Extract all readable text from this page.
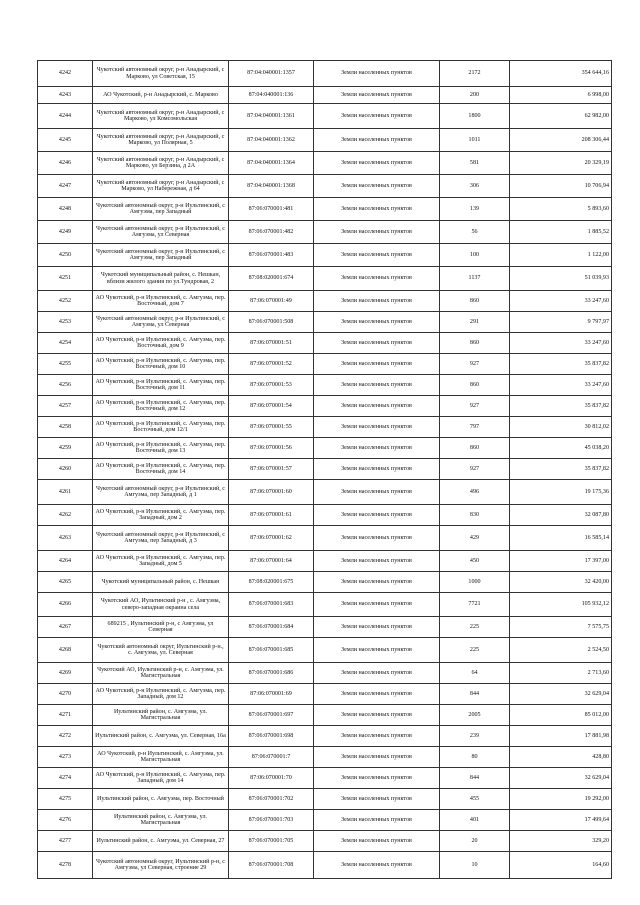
4242	Чукотский автономный округ, р-н Анадырский, с Марково, ул Советская, 15	87:04:040001:1357	Земли населенных пунктов	2172	354 644,16
4243	АО Чукотский, р-н Анадырский, с. Марково	87:04:040001:136	Земли населенных пунктов	200	6 998,00
4244	Чукотский автономный округ, р-н Анадырский, с Марково, ул Комсомольская	87:04:040001:1361	Земли населенных пунктов	1800	62 982,00
4245	Чукотский автономный округ, р-н Анадырский, с Марково, ул Полярная, 5	87:04:040001:1362	Земли населенных пунктов	1011	208 306,44
4246	Чукотский автономный округ, р-н Анадырский, с Марково, ул Берзина, д 2А	87:04:040001:1364	Земли населенных пунктов	581	20 329,19
4247	Чукотский автономный округ, р-н Анадырский, с Марково, ул Набережная, д 64	87:04:040001:1368	Земли населенных пунктов	306	10 706,94
4248	Чукотский автономный округ, р-н Иультинский, с Амгуэма, пер Западный	87:06:070001:481	Земли населенных пунктов	139	5 893,60
4249	Чукотский автономный округ, р-н Иультинский, с Амгуэма, ул Северная	87:06:070001:482	Земли населенных пунктов	56	1 885,52
4250	Чукотский автономный округ, р-н Иультинский, с Амгуэма, пер Западный	87:06:070001:483	Земли населенных пунктов	100	1 122,00
4251	Чукотский муниципальный район, с. Нешкан, вблизи жилого здания по ул.Тундровая, 2	87:08:020001:674	Земли населенных пунктов	1137	51 039,93
4252	АО Чукотский, р-н Иультинский, с. Амгуэма, пер. Восточный, дом 7	87:06:070001:49	Земли населенных пунктов	860	33 247,60
4253	Чукотский автономный округ, р-н Иультинский, с Амгуэма, ул Северная	87:06:070001:508	Земли населенных пунктов	291	9 797,97
4254	АО Чукотский, р-н Иультинский, с. Амгуэма, пер. Восточный, дом 9	87:06:070001:51	Земли населенных пунктов	860	33 247,60
4255	АО Чукотский, р-н Иультинский, с. Амгуэма, пер. Восточный, дом 10	87:06:070001:52	Земли населенных пунктов	927	35 837,82
4256	АО Чукотский, р-н Иультинский, с. Амгуэма, пер. Восточный, дом 11	87:06:070001:53	Земли населенных пунктов	860	33 247,60
4257	АО Чукотский, р-н Иультинский, с. Амгуэма, пер. Восточный, дом 12	87:06:070001:54	Земли населенных пунктов	927	35 837,82
4258	АО Чукотский, р-н Иультинский, с. Амгуэма, пер. Восточный, дом 12/1	87:06:070001:55	Земли населенных пунктов	797	30 812,02
4259	АО Чукотский, р-н Иультинский, с. Амгуэма, пер. Восточный, дом 13	87:06:070001:56	Земли населенных пунктов	860	45 038,20
4260	АО Чукотский, р-н Иультинский, с. Амгуэма, пер. Восточный, дом 14	87:06:070001:57	Земли населенных пунктов	927	35 837,82
4261	Чукотский автономный округ, р-н Иультинский, с Амгуэма, пер Западный, д 1	87:06:070001:60	Земли населенных пунктов	496	19 175,36
4262	АО Чукотский, р-н Иультинский, с. Амгуэма, пер. Западный, дом 2	87:06:070001:61	Земли населенных пунктов	830	32 087,80
4263	Чукотский автономный округ, р-н Иультинский, с Амгуэма, пер Западный, д 3	87:06:070001:62	Земли населенных пунктов	429	16 585,14
4264	АО Чукотский, р-н Иультинский, с. Амгуэма, пер. Западный, дом 5	87:06:070001:64	Земли населенных пунктов	450	17 397,00
4265	Чукотский муниципальный район, с. Нешкан	87:08:020001:675	Земли населенных пунктов	1000	32 420,00
4266	Чукотский АО, Иультинский р-н , с. Амгуэма, северо-западная окраина села	87:06:070001:683	Земли населенных пунктов	7721	105 932,12
4267	689215 , Иультинский р-н, с Амгуэма, ул Северная	87:06:070001:684	Земли населенных пунктов	225	7 575,75
4268	Чукотский автономный округ, Иультинский р-н., с. Амгуэма, ул. Северная	87:06:070001:685	Земли населенных пунктов	225	2 524,50
4269	Чукотский АО, Иультинский р-н, с. Амгуэма, ул. Магистральная	87:06:070001:686	Земли населенных пунктов	64	2 713,60
4270	АО Чукотский, р-н Иультинский, с. Амгуэма, пер. Западный, дом 12	87:06:070001:69	Земли населенных пунктов	844	32 629,04
4271	Иультинский район, с. Амгуэма, ул. Магистральная	87:06:070001:697	Земли населенных пунктов	2005	85 012,00
4272	Иультинский район, с. Амгуэма, ул. Северная, 16а	87:06:070001:698	Земли населенных пунктов	239	17 881,98
4273	АО Чукотский, р-н Иультинский, с. Амгуэма, ул. Магистральная	87:06:070001:7	Земли населенных пунктов	80	428,80
4274	АО Чукотский, р-н Иультинский, с. Амгуэма, пер. Западный, дом 14	87:06:070001:70	Земли населенных пунктов	844	32 629,04
4275	Иультинский район, с. Амгуэма, пер. Восточный	87:06:070001:702	Земли населенных пунктов	455	19 292,00
4276	Иультинский район, с. Амгуэма, ул. Магистральная	87:06:070001:703	Земли населенных пунктов	401	17 499,64
4277	Иультинский район, с. Амгуэма, ул. Северная, 27	87:06:070001:705	Земли населенных пунктов	20	329,20
4278	Чукотский автономный округ, Иультинский р-н, с Амгуэма, ул Северная, строение 29	87:06:070001:708	Земли населенных пунктов	10	164,60
